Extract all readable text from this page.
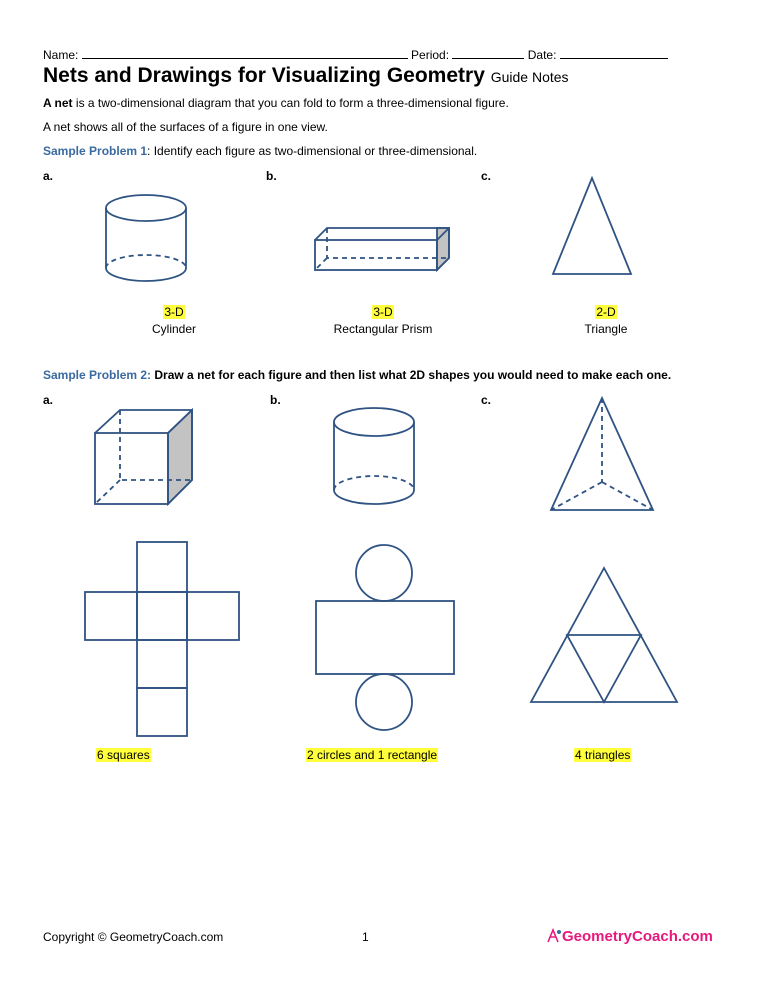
Name:	Period:	Date:
Nets and Drawings for Visualizing Geometry Guide Notes
A net is a two-dimensional diagram that you can fold to form a three-dimensional figure.
A net shows all of the surfaces of a figure in one view.
Sample Problem 1: Identify each figure as two-dimensional or three-dimensional.
a.	b.	c.
3-D
Cylinder
3-D
Rectangular Prism
2-D
Triangle
Sample Problem 2: Draw a net for each figure and then list what 2D shapes you would need to make each one.
a.	b.	c.
6 squares	2 circles and 1 rectangle	4 triangles
Copyright © GeometryCoach.com	1	GeometryCoach.com
